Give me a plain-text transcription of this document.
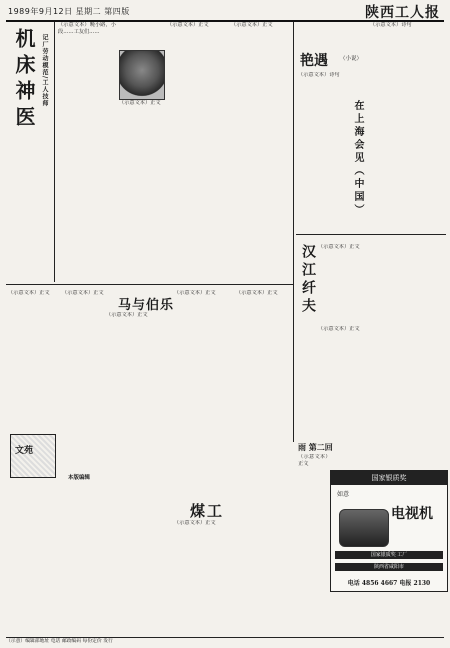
1989年9月12日 星期二 第四版	陕西工人报
机床神医 记厂劳动模范/工人技师
（示意文本）晚小路，小段……工友们……
（示意文本）正文
（示意文本）正文	（示意文本）正文
艳遇 （小说）
（示意文本）诗句
（示意文本）诗句
在上海会见（中国）
汉江纤夫 （示意文本）正文
（示意文本）正文
（示意文本）正文	（示意文本）正文
文苑
本版编辑
马与伯乐
（示意文本）正文
（示意文本）正文	（示意文本）正文
煤工
（示意文本）正文
雨 第二回
（示意文本）正文
国家银质奖
如意
电视机
国家银质奖 工厂
陕西省咸阳市
电话 4856 4667 电报 2130
（示意）编辑部地址 电话 邮政编码 每份定价 发行
